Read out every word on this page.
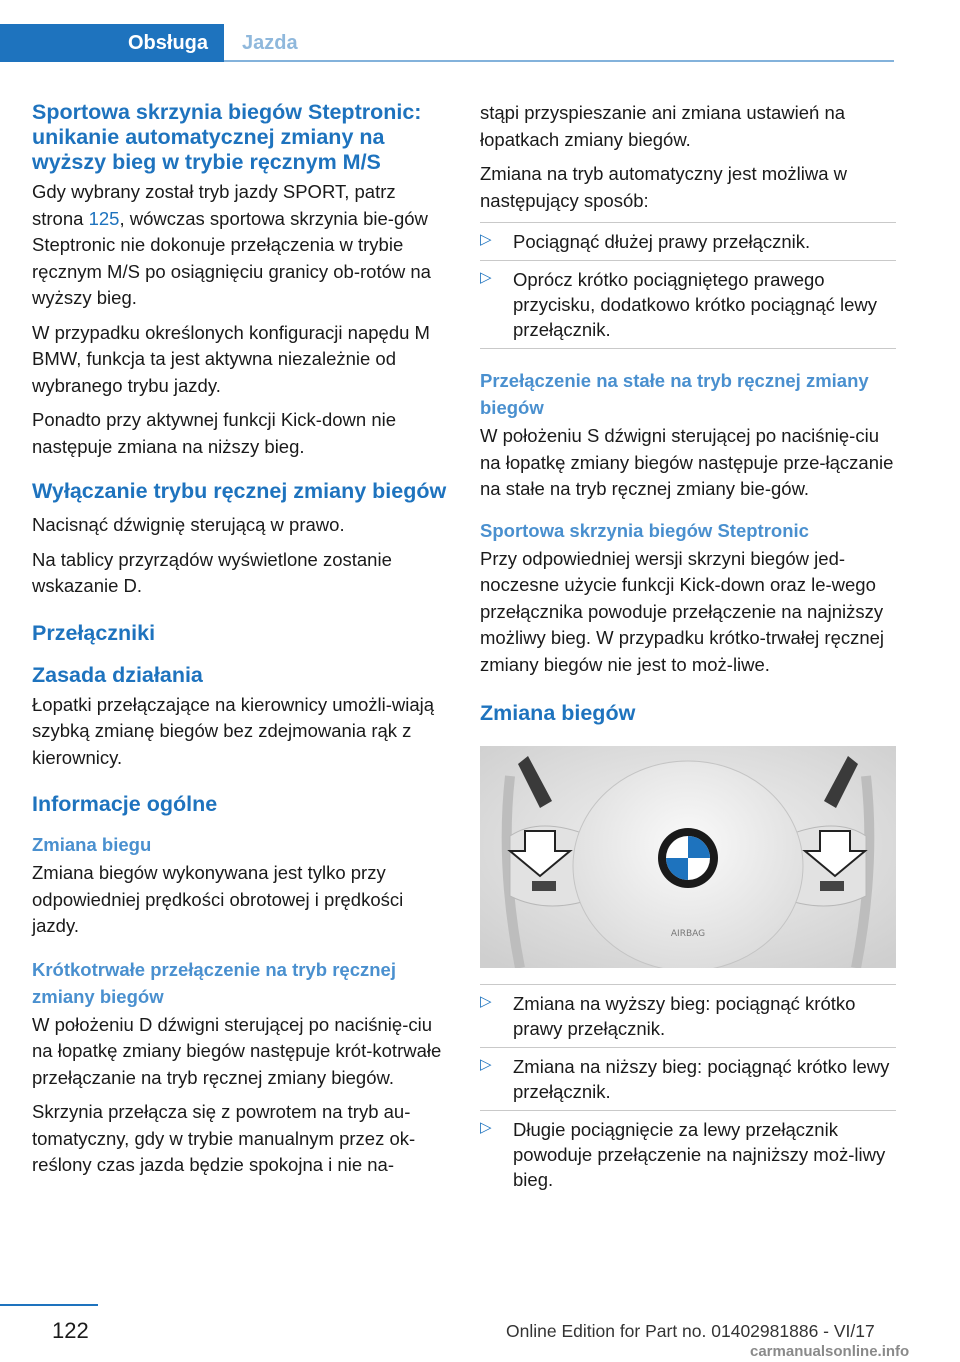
Obsługa Jazda
Sportowa skrzynia biegów Steptronic: unikanie automatycznej zmiany na wyższy bieg w trybie ręcznym M/S

Gdy wybrany został tryb jazdy SPORT, patrz strona 125, wówczas sportowa skrzynia bie‐gów Steptronic nie dokonuje przełączenia w trybie ręcznym M/S po osiągnięciu granicy ob‐rotów na wyższy bieg.

W przypadku określonych konfiguracji napędu M BMW, funkcja ta jest aktywna niezależnie od wybranego trybu jazdy.

Ponadto przy aktywnej funkcji Kick-down nie następuje zmiana na niższy bieg.

Wyłączanie trybu ręcznej zmiany biegów

Nacisnąć dźwignię sterującą w prawo.

Na tablicy przyrządów wyświetlone zostanie wskazanie D.

Przełączniki
Zasada działania

Łopatki przełączające na kierownicy umożli‐wiają szybką zmianę biegów bez zdejmowania rąk z kierownicy.

Informacje ogólne
Zmiana biegu

Zmiana biegów wykonywana jest tylko przy odpowiedniej prędkości obrotowej i prędkości jazdy.

Krótkotrwałe przełączenie na tryb ręcznej zmiany biegów

W położeniu D dźwigni sterującej po naciśnię‐ciu na łopatkę zmiany biegów następuje krót‐kotrwałe przełączanie na tryb ręcznej zmiany biegów.

Skrzynia przełącza się z powrotem na tryb au‐tomatyczny, gdy w trybie manualnym przez ok‐reślony czas jazda będzie spokojna i nie na‐

stąpi przyspieszanie ani zmiana ustawień na łopatkach zmiany biegów.

Zmiana na tryb automatyczny jest możliwa w następujący sposób:

▷ Pociągnąć dłużej prawy przełącznik.
▷ Oprócz krótko pociągniętego prawego przycisku, dodatkowo krótko pociągnąć lewy przełącznik.
Przełączenie na stałe na tryb ręcznej zmiany biegów

W położeniu S dźwigni sterującej po naciśnię‐ciu na łopatkę zmiany biegów następuje prze‐łączanie na stałe na tryb ręcznej zmiany bie‐gów.

Sportowa skrzynia biegów Steptronic

Przy odpowiedniej wersji skrzyni biegów jed‐noczesne użycie funkcji Kick-down oraz le‐wego przełącznika powoduje przełączenie na najniższy możliwy bieg. W przypadku krótko‐trwałej ręcznej zmiany biegów nie jest to moż‐liwe.

Zmiana biegów
AIRBAG
▷ Zmiana na wyższy bieg: pociągnąć krótko prawy przełącznik.
▷ Zmiana na niższy bieg: pociągnąć krótko lewy przełącznik.
▷ Długie pociągnięcie za lewy przełącznik powoduje przełączenie na najniższy moż‐liwy bieg.
122	Online Edition for Part no. 01402981886 - VI/17
carmanualsonline.info
